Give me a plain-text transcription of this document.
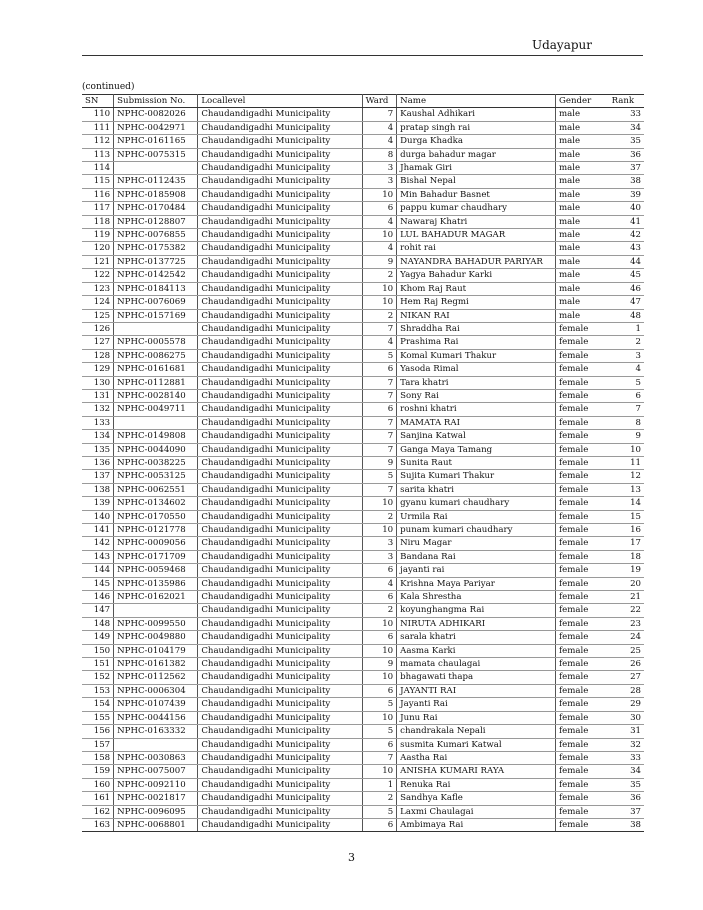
Udayapur
(continued)
SN	Submission No.	Locallevel	Ward	Name	Gender	Rank
110	NPHC-0082026	Chaudandigadhi Municipality	7	Kaushal Adhikari	male	33
111	NPHC-0042971	Chaudandigadhi Municipality	4	pratap singh rai	male	34
112	NPHC-0161165	Chaudandigadhi Municipality	4	Durga Khadka	male	35
113	NPHC-0075315	Chaudandigadhi Municipality	8	durga bahadur magar	male	36
114		Chaudandigadhi Municipality	3	Jhamak Giri	male	37
115	NPHC-0112435	Chaudandigadhi Municipality	3	Bishal Nepal	male	38
116	NPHC-0185908	Chaudandigadhi Municipality	10	Min Bahadur Basnet	male	39
117	NPHC-0170484	Chaudandigadhi Municipality	6	pappu kumar chaudhary	male	40
118	NPHC-0128807	Chaudandigadhi Municipality	4	Nawaraj Khatri	male	41
119	NPHC-0076855	Chaudandigadhi Municipality	10	LUL BAHADUR MAGAR	male	42
120	NPHC-0175382	Chaudandigadhi Municipality	4	rohit rai	male	43
121	NPHC-0137725	Chaudandigadhi Municipality	9	NAYANDRA BAHADUR PARIYAR	male	44
122	NPHC-0142542	Chaudandigadhi Municipality	2	Yagya Bahadur Karki	male	45
123	NPHC-0184113	Chaudandigadhi Municipality	10	Khom Raj Raut	male	46
124	NPHC-0076069	Chaudandigadhi Municipality	10	Hem Raj Regmi	male	47
125	NPHC-0157169	Chaudandigadhi Municipality	2	NIKAN RAI	male	48
126		Chaudandigadhi Municipality	7	Shraddha Rai	female	1
127	NPHC-0005578	Chaudandigadhi Municipality	4	Prashima Rai	female	2
128	NPHC-0086275	Chaudandigadhi Municipality	5	Komal Kumari Thakur	female	3
129	NPHC-0161681	Chaudandigadhi Municipality	6	Yasoda Rimal	female	4
130	NPHC-0112881	Chaudandigadhi Municipality	7	Tara khatri	female	5
131	NPHC-0028140	Chaudandigadhi Municipality	7	Sony Rai	female	6
132	NPHC-0049711	Chaudandigadhi Municipality	6	roshni khatri	female	7
133		Chaudandigadhi Municipality	7	MAMATA RAI	female	8
134	NPHC-0149808	Chaudandigadhi Municipality	7	Sanjina Katwal	female	9
135	NPHC-0044090	Chaudandigadhi Municipality	7	Ganga Maya Tamang	female	10
136	NPHC-0038225	Chaudandigadhi Municipality	9	Sunita Raut	female	11
137	NPHC-0053125	Chaudandigadhi Municipality	5	Sujita Kumari Thakur	female	12
138	NPHC-0062551	Chaudandigadhi Municipality	7	sarita khatri	female	13
139	NPHC-0134602	Chaudandigadhi Municipality	10	gyanu kumari chaudhary	female	14
140	NPHC-0170550	Chaudandigadhi Municipality	2	Urmila Rai	female	15
141	NPHC-0121778	Chaudandigadhi Municipality	10	punam kumari chaudhary	female	16
142	NPHC-0009056	Chaudandigadhi Municipality	3	Niru Magar	female	17
143	NPHC-0171709	Chaudandigadhi Municipality	3	Bandana Rai	female	18
144	NPHC-0059468	Chaudandigadhi Municipality	6	jayanti rai	female	19
145	NPHC-0135986	Chaudandigadhi Municipality	4	Krishna Maya Pariyar	female	20
146	NPHC-0162021	Chaudandigadhi Municipality	6	Kala Shrestha	female	21
147		Chaudandigadhi Municipality	2	koyunghangma Rai	female	22
148	NPHC-0099550	Chaudandigadhi Municipality	10	NIRUTA ADHIKARI	female	23
149	NPHC-0049880	Chaudandigadhi Municipality	6	sarala khatri	female	24
150	NPHC-0104179	Chaudandigadhi Municipality	10	Aasma Karki	female	25
151	NPHC-0161382	Chaudandigadhi Municipality	9	mamata chaulagai	female	26
152	NPHC-0112562	Chaudandigadhi Municipality	10	bhagawati thapa	female	27
153	NPHC-0006304	Chaudandigadhi Municipality	6	JAYANTI RAI	female	28
154	NPHC-0107439	Chaudandigadhi Municipality	5	Jayanti Rai	female	29
155	NPHC-0044156	Chaudandigadhi Municipality	10	Junu Rai	female	30
156	NPHC-0163332	Chaudandigadhi Municipality	5	chandrakala Nepali	female	31
157		Chaudandigadhi Municipality	6	susmita Kumari Katwal	female	32
158	NPHC-0030863	Chaudandigadhi Municipality	7	Aastha Rai	female	33
159	NPHC-0075007	Chaudandigadhi Municipality	10	ANISHA KUMARI RAYA	female	34
160	NPHC-0092110	Chaudandigadhi Municipality	1	Renuka Rai	female	35
161	NPHC-0021817	Chaudandigadhi Municipality	2	Sandhya Kafle	female	36
162	NPHC-0096095	Chaudandigadhi Municipality	5	Laxmi Chaulagai	female	37
163	NPHC-0068801	Chaudandigadhi Municipality	6	Ambimaya Rai	female	38
3
